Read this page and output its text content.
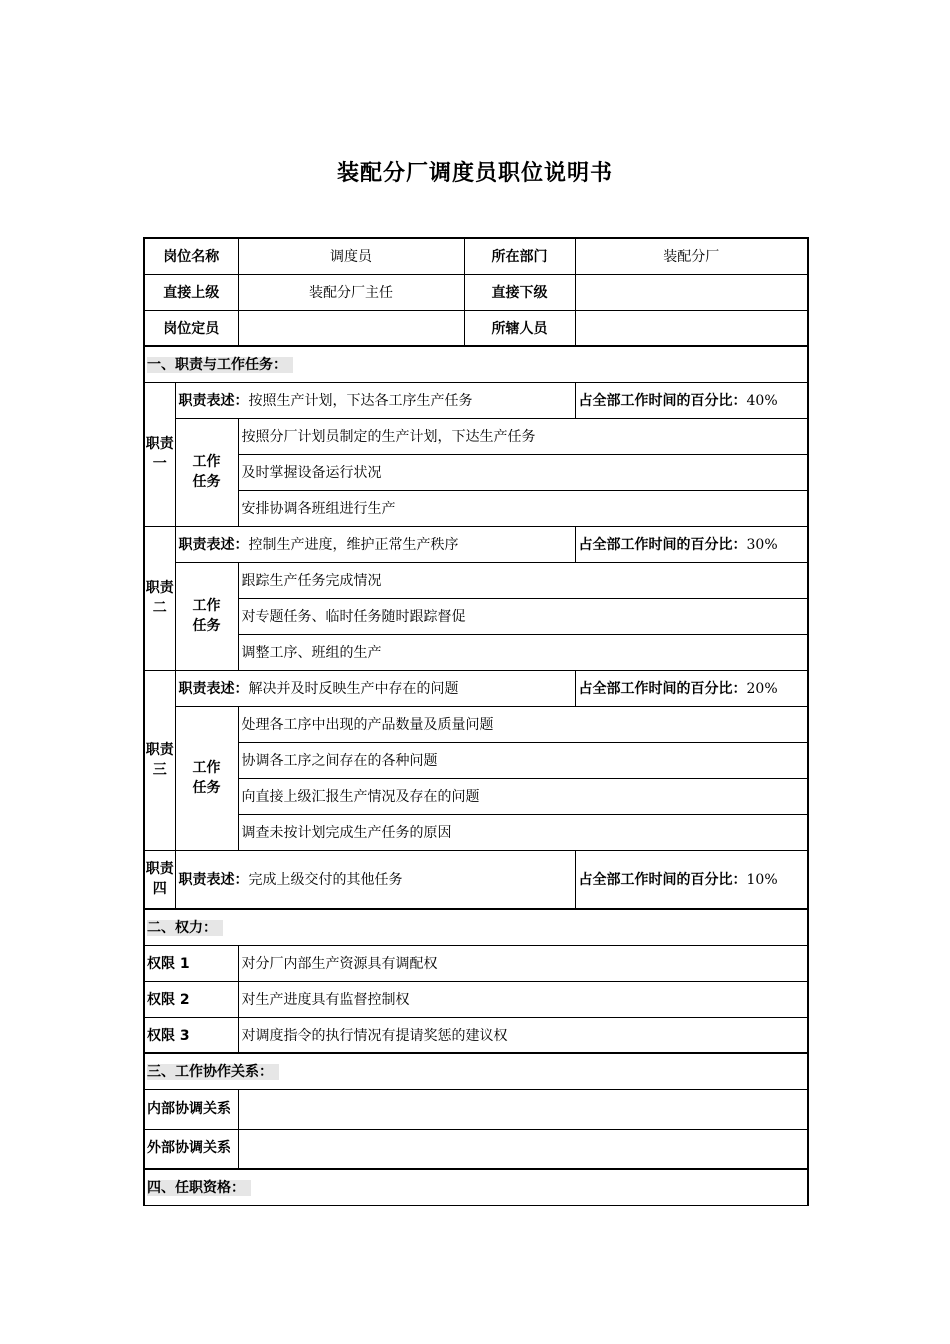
装配分厂调度员职位说明书
岗位名称		调度员	所在部门	装配分厂
直接上级		装配分厂主任	直接下级	
岗位定员			所辖人员	
一、职责与工作任务：				
职责一	职责表述：按照生产计划，下达各工序生产任务			占全部工作时间的百分比：40%
	工作任务	按照分厂计划员制定的生产计划，下达生产任务		
		及时掌握设备运行状况		
		安排协调各班组进行生产		
职责二	职责表述：控制生产进度，维护正常生产秩序			占全部工作时间的百分比：30%
	工作任务	跟踪生产任务完成情况		
		对专题任务、临时任务随时跟踪督促		
		调整工序、班组的生产		
职责三	职责表述：解决并及时反映生产中存在的问题			占全部工作时间的百分比：20%
	工作任务	处理各工序中出现的产品数量及质量问题		
		协调各工序之间存在的各种问题		
		向直接上级汇报生产情况及存在的问题		
		调查未按计划完成生产任务的原因		
职责四	职责表述：完成上级交付的其他任务			占全部工作时间的百分比：10%
二、权力：				
权限 1		对分厂内部生产资源具有调配权		
权限 2		对生产进度具有监督控制权		
权限 3		对调度指令的执行情况有提请奖惩的建议权		
三、工作协作关系：				
内部协调关系				
外部协调关系				
四、任职资格：				
